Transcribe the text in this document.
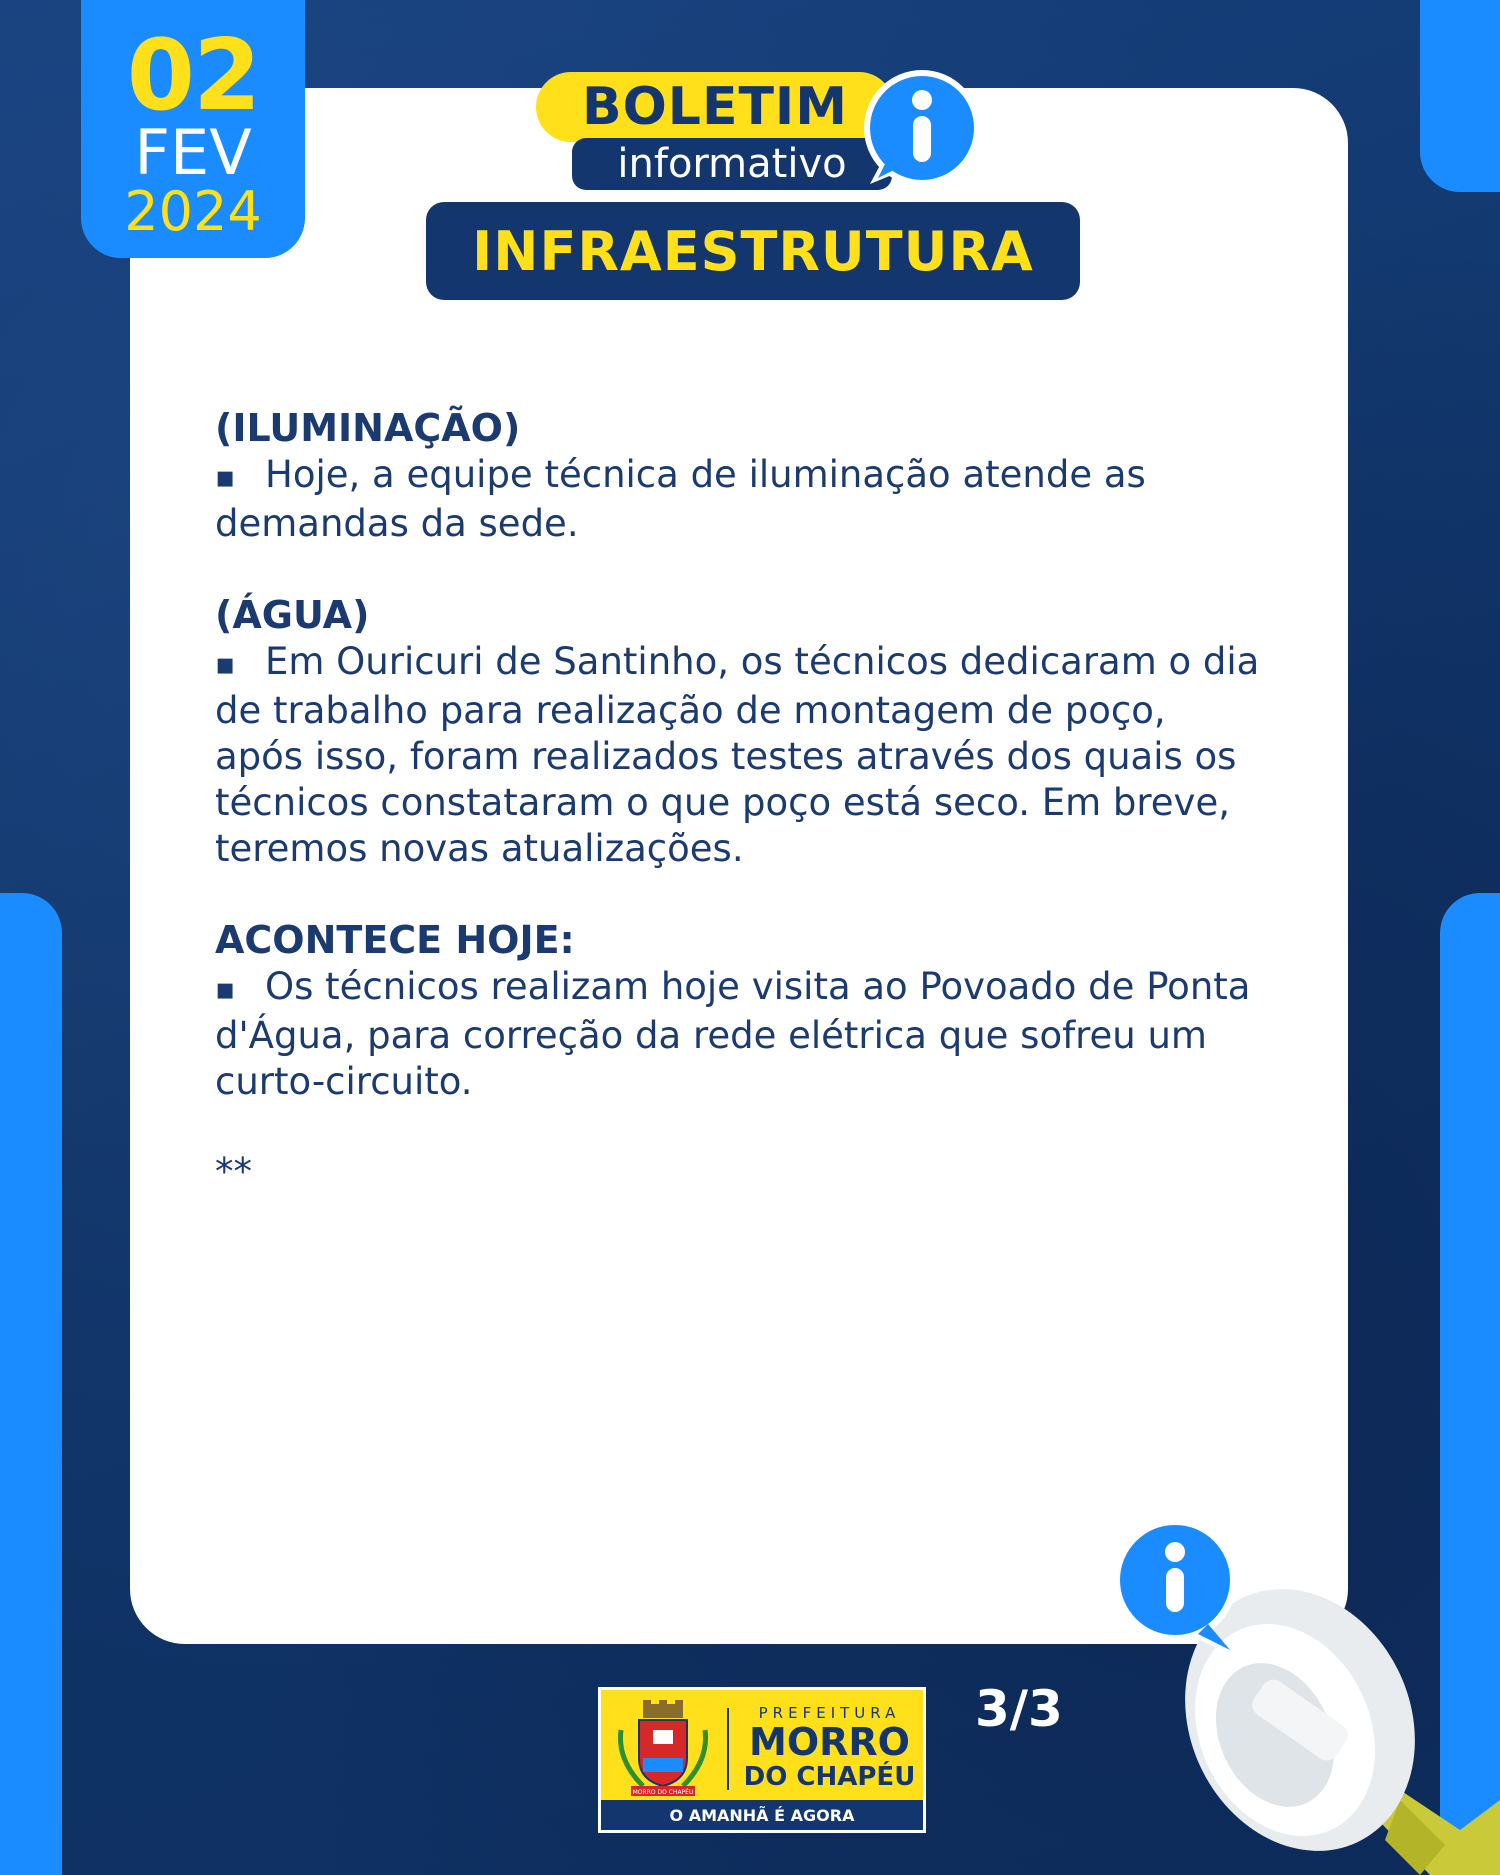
02
FEV
2024
BOLETIM
informativo
INFRAESTRUTURA
(ILUMINAÇÃO)
▪ Hoje, a equipe técnica de iluminação atende as demandas da sede.
(ÁGUA)
▪ Em Ouricuri de Santinho, os técnicos dedicaram o dia de trabalho para realização de montagem de poço, após isso, foram realizados testes através dos quais os técnicos constataram o que poço está seco. Em breve, teremos novas atualizações.
ACONTECE HOJE:
▪ Os técnicos realizam hoje visita ao Povoado de Ponta d'Água, para correção da rede elétrica que sofreu um curto-circuito.
**
MORRO DO CHAPÉU
PREFEITURA
MORRO
DO CHAPÉU
O AMANHÃ É AGORA
3/3
